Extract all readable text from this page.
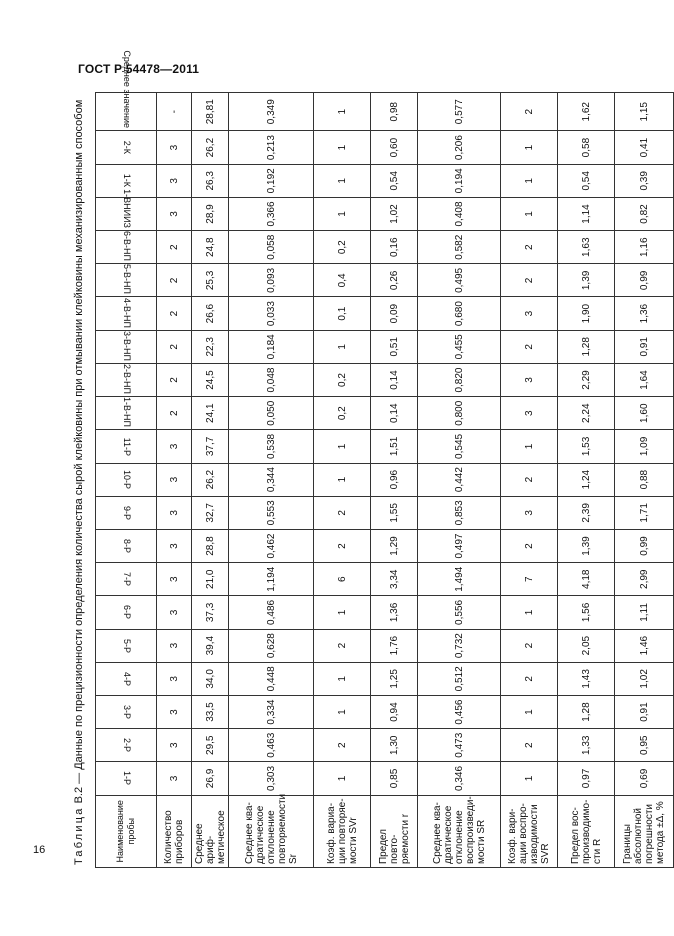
ГОСТ Р 54478—2011
Таблица В.2 — Данные по прецизионности определения количества сырой клейковины при отмывании клейковины механизированным способом
Наименование пробы	1-Р	2-Р	3-Р	4-Р	5-Р	6-Р	7-Р	8-Р	9-Р	10-Р	11-Р	1-В-НП	2-В-НП	3-В-НП	4-В-НП	5-В-НП	6-В-НП	1-ВНИИЗ	1-К	2-К	Среднее значение
Количество приборов	3	3	3	3	3	3	3	3	3	3	3	2	2	2	2	2	2	3	3	3	-
Среднее ариф-метическое	26,9	29,5	33,5	34,0	39,4	37,3	21,0	28,8	32,7	26,2	37,7	24,1	24,5	22,3	26,6	25,3	24,8	28,9	26,3	26,2	28,81
Среднее ква-дратическое отклонение повторяемости Sr	0,303	0,463	0,334	0,448	0,628	0,486	1,194	0,462	0,553	0,344	0,538	0,050	0,048	0,184	0,033	0,093	0,058	0,366	0,192	0,213	0,349
Коэф. вариа-ции повторяе-мости SVr	1	2	1	1	2	1	6	2	2	1	1	0,2	0,2	1	0,1	0,4	0,2	1	1	1	1
Предел повто-ряемости r	0,85	1,30	0,94	1,25	1,76	1,36	3,34	1,29	1,55	0,96	1,51	0,14	0,14	0,51	0,09	0,26	0,16	1,02	0,54	0,60	0,98
Среднее ква-дратическое отклонение воспроизведи-мости SR	0,346	0,473	0,456	0,512	0,732	0,556	1,494	0,497	0,853	0,442	0,545	0,800	0,820	0,455	0,680	0,495	0,582	0,408	0,194	0,206	0,577
Коэф. вари-ации воспро-изводимости SVR	1	2	1	2	2	1	7	2	3	2	1	3	3	2	3	2	2	1	1	1	2
Предел вос-производимо-сти R	0,97	1,33	1,28	1,43	2,05	1,56	4,18	1,39	2,39	1,24	1,53	2,24	2,29	1,28	1,90	1,39	1,63	1,14	0,54	0,58	1,62
Границы абсолютной погрешности метода ±Δ, %	0,69	0,95	0,91	1,02	1,46	1,11	2,99	0,99	1,71	0,88	1,09	1,60	1,64	0,91	1,36	0,99	1,16	0,82	0,39	0,41	1,15
16
